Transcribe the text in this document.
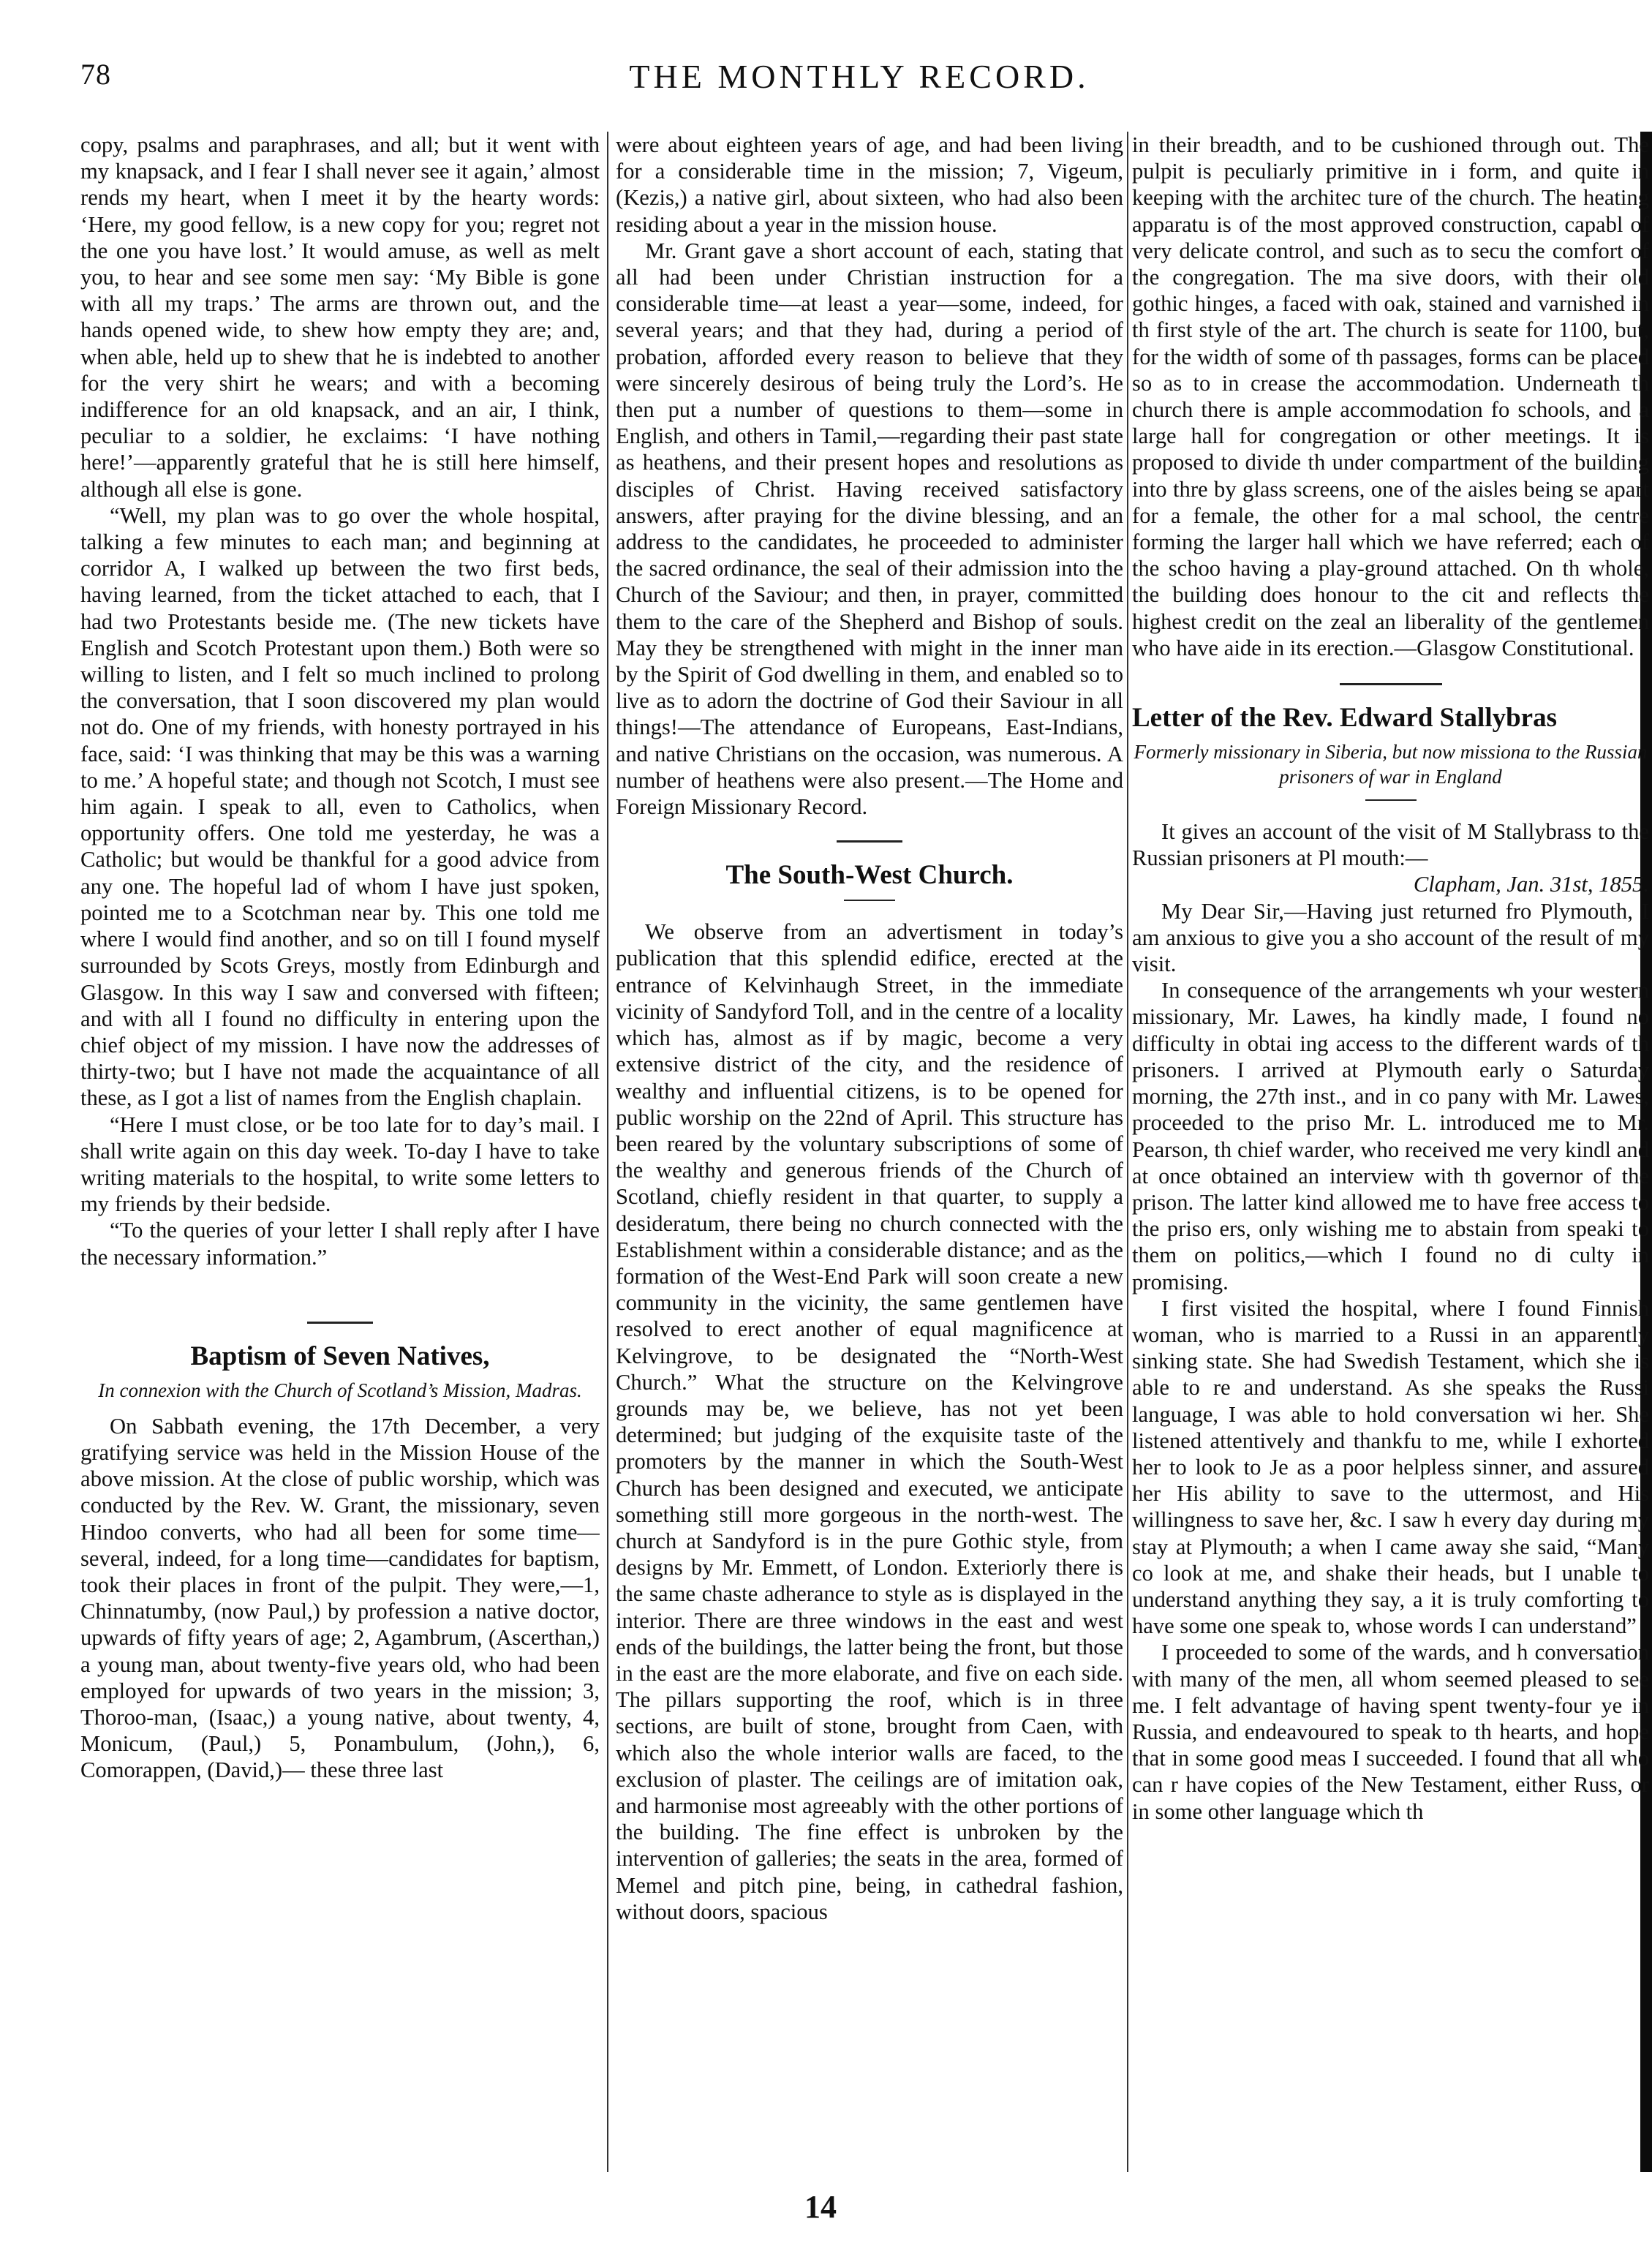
78	THE MONTHLY RECORD.

copy, psalms and paraphrases, and all; but it went with my knapsack, and I fear I shall never see it again,’ almost rends my heart, when I meet it by the hearty words: ‘Here, my good fellow, is a new copy for you; regret not the one you have lost.’ It would amuse, as well as melt you, to hear and see some men say: ‘My Bible is gone with all my traps.’ The arms are thrown out, and the hands opened wide, to shew how empty they are; and, when able, held up to shew that he is indebted to another for the very shirt he wears; and with a becoming indifference for an old knapsack, and an air, I think, peculiar to a soldier, he exclaims: ‘I have nothing here!’—apparently grateful that he is still here himself, although all else is gone.

“Well, my plan was to go over the whole hospital, talking a few minutes to each man; and beginning at corridor A, I walked up between the two first beds, having learned, from the ticket attached to each, that I had two Protestants beside me. (The new tickets have English and Scotch Protestant upon them.) Both were so willing to listen, and I felt so much inclined to prolong the conversation, that I soon discovered my plan would not do. One of my friends, with honesty portrayed in his face, said: ‘I was thinking that may be this was a warning to me.’ A hopeful state; and though not Scotch, I must see him again. I speak to all, even to Catholics, when opportunity offers. One told me yesterday, he was a Catholic; but would be thankful for a good advice from any one. The hopeful lad of whom I have just spoken, pointed me to a Scotchman near by. This one told me where I would find another, and so on till I found myself surrounded by Scots Greys, mostly from Edinburgh and Glasgow. In this way I saw and conversed with fifteen; and with all I found no difficulty in entering upon the chief object of my mission. I have now the addresses of thirty-two; but I have not made the acquaintance of all these, as I got a list of names from the English chaplain.

“Here I must close, or be too late for to day’s mail. I shall write again on this day week. To-day I have to take writing materials to the hospital, to write some letters to my friends by their bedside.

“To the queries of your letter I shall reply after I have the necessary information.”

Baptism of Seven Natives,
In connexion with the Church of Scotland’s Mission, Madras.

On Sabbath evening, the 17th December, a very gratifying service was held in the Mission House of the above mission. At the close of public worship, which was conducted by the Rev. W. Grant, the missionary, seven Hindoo converts, who had all been for some time—several, indeed, for a long time—candidates for baptism, took their places in front of the pulpit. They were,—1, Chinnatumby, (now Paul,) by profession a native doctor, upwards of fifty years of age; 2, Agambrum, (Ascerthan,) a young man, about twenty-five years old, who had been employed for upwards of two years in the mission; 3, Thoroo-man, (Isaac,) a young native, about twenty, 4, Monicum, (Paul,) 5, Ponambulum, (John,), 6, Comorappen, (David,)— these three last

were about eighteen years of age, and had been living for a considerable time in the mission; 7, Vigeum, (Kezis,) a native girl, about sixteen, who had also been residing about a year in the mission house.

Mr. Grant gave a short account of each, stating that all had been under Christian instruction for a considerable time—at least a year—some, indeed, for several years; and that they had, during a period of probation, afforded every reason to believe that they were sincerely desirous of being truly the Lord’s. He then put a number of questions to them—some in English, and others in Tamil,—regarding their past state as heathens, and their present hopes and resolutions as disciples of Christ. Having received satisfactory answers, after praying for the divine blessing, and an address to the candidates, he proceeded to administer the sacred ordinance, the seal of their admission into the Church of the Saviour; and then, in prayer, committed them to the care of the Shepherd and Bishop of souls. May they be strengthened with might in the inner man by the Spirit of God dwelling in them, and enabled so to live as to adorn the doctrine of God their Saviour in all things!—The attendance of Europeans, East-Indians, and native Christians on the occasion, was numerous. A number of heathens were also present.—The Home and Foreign Missionary Record.

The South-West Church.

We observe from an advertisment in today’s publication that this splendid edifice, erected at the entrance of Kelvinhaugh Street, in the immediate vicinity of Sandyford Toll, and in the centre of a locality which has, almost as if by magic, become a very extensive district of the city, and the residence of wealthy and influential citizens, is to be opened for public worship on the 22nd of April. This structure has been reared by the voluntary subscriptions of some of the wealthy and generous friends of the Church of Scotland, chiefly resident in that quarter, to supply a desideratum, there being no church connected with the Establishment within a considerable distance; and as the formation of the West-End Park will soon create a new community in the vicinity, the same gentlemen have resolved to erect another of equal magnificence at Kelvingrove, to be designated the “North-West Church.” What the structure on the Kelvingrove grounds may be, we believe, has not yet been determined; but judging of the exquisite taste of the promoters by the manner in which the South-West Church has been designed and executed, we anticipate something still more gorgeous in the north-west. The church at Sandyford is in the pure Gothic style, from designs by Mr. Emmett, of London. Exteriorly there is the same chaste adherance to style as is displayed in the interior. There are three windows in the east and west ends of the buildings, the latter being the front, but those in the east are the more elaborate, and five on each side. The pillars supporting the roof, which is in three sections, are built of stone, brought from Caen, with which also the whole interior walls are faced, to the exclusion of plaster. The ceilings are of imitation oak, and harmonise most agreeably with the other portions of the building. The fine effect is unbroken by the intervention of galleries; the seats in the area, formed of Memel and pitch pine, being, in cathedral fashion, without doors, spacious

in their breadth, and to be cushioned through out. The pulpit is peculiarly primitive in i form, and quite in keeping with the architec ture of the church. The heating apparatu is of the most approved construction, capabl of very delicate control, and such as to secu the comfort of the congregation. The ma sive doors, with their old gothic hinges, a faced with oak, stained and varnished in th first style of the art. The church is seate for 1100, but, for the width of some of th passages, forms can be placed so as to in crease the accommodation. Underneath th church there is ample accommodation fo schools, and a large hall for congregation or other meetings. It is proposed to divide th under compartment of the building into thre by glass screens, one of the aisles being se apart for a female, the other for a mal school, the centre forming the larger hall which we have referred; each of the schoo having a play-ground attached. On th whole, the building does honour to the cit and reflects the highest credit on the zeal an liberality of the gentlemen who have aide in its erection.—Glasgow Constitutional.

Letter of the Rev. Edward Stallybras
Formerly missionary in Siberia, but now missiona to the Russian prisoners of war in England

It gives an account of the visit of M Stallybrass to the Russian prisoners at Pl mouth:—

Clapham, Jan. 31st, 1855.

My Dear Sir,—Having just returned fro Plymouth, I am anxious to give you a sho account of the result of my visit.

In consequence of the arrangements wh your western missionary, Mr. Lawes, ha kindly made, I found no difficulty in obtai ing access to the different wards of th prisoners. I arrived at Plymouth early o Saturday morning, the 27th inst., and in co pany with Mr. Lawes, proceeded to the priso Mr. L. introduced me to Mr. Pearson, th chief warder, who received me very kindl and at once obtained an interview with th governor of the prison. The latter kind allowed me to have free access to the priso ers, only wishing me to abstain from speaki to them on politics,—which I found no di culty in promising.

I first visited the hospital, where I found Finnish woman, who is married to a Russi in an apparently sinking state. She had Swedish Testament, which she is able to re and understand. As she speaks the Russi language, I was able to hold conversation wi her. She listened attentively and thankfu to me, while I exhorted her to look to Je as a poor helpless sinner, and assured her His ability to save to the uttermost, and His willingness to save her, &c. I saw h every day during my stay at Plymouth; a when I came away she said, “Many co look at me, and shake their heads, but I unable to understand anything they say, a it is truly comforting to have some one speak to, whose words I can understand”

I proceeded to some of the wards, and h conversation with many of the men, all whom seemed pleased to see me. I felt advantage of having spent twenty-four ye in Russia, and endeavoured to speak to th hearts, and hope that in some good meas I succeeded. I found that all who can r have copies of the New Testament, either Russ, or in some other language which th

14
